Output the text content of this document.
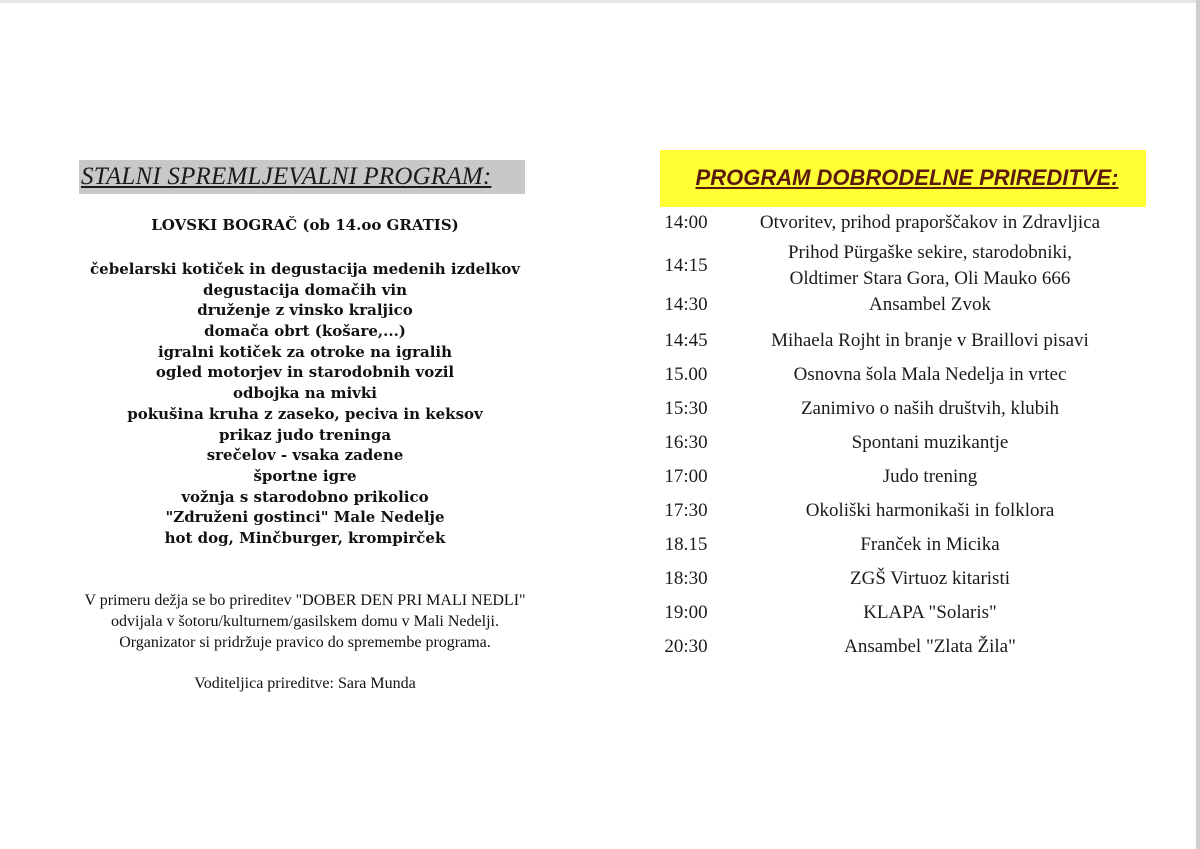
STALNI SPREMLJEVALNI PROGRAM:
LOVSKI BOGRAČ (ob 14.oo GRATIS)
čebelarski kotiček in degustacija medenih izdelkov
degustacija domačih vin
druženje z vinsko kraljico
domača obrt (košare,...)
igralni kotiček za otroke na igralih
ogled motorjev in starodobnih vozil
odbojka na mivki
pokušina kruha z zaseko, peciva in keksov
prikaz judo treninga
srečelov - vsaka zadene
športne igre
vožnja s starodobno prikolico
"Združeni gostinci" Male Nedelje
hot dog, Minčburger, krompirček
V primeru dežja se bo prireditev "DOBER DEN PRI MALI NEDLI"
odvijala v šotoru/kulturnem/gasilskem domu v Mali Nedelji.
Organizator si pridržuje pravico do spremembe programa.
Voditeljica prireditve: Sara Munda
PROGRAM DOBRODELNE PRIREDITVE:
14:00	Otvoritev, prihod praporščakov in Zdravljica
14:15
Prihod Pürgaške sekire, starodobniki,
Oldtimer Stara Gora, Oli Mauko 666
14:30	Ansambel Zvok
14:45	Mihaela Rojht in branje v Braillovi pisavi
15.00	Osnovna šola Mala Nedelja in vrtec
15:30	Zanimivo o naših društvih, klubih
16:30	Spontani muzikantje
17:00	Judo trening
17:30	Okoliški harmonikaši in folklora
18.15	Franček in Micika
18:30	ZGŠ Virtuoz kitaristi
19:00	KLAPA "Solaris"
20:30	Ansambel "Zlata Žila"
